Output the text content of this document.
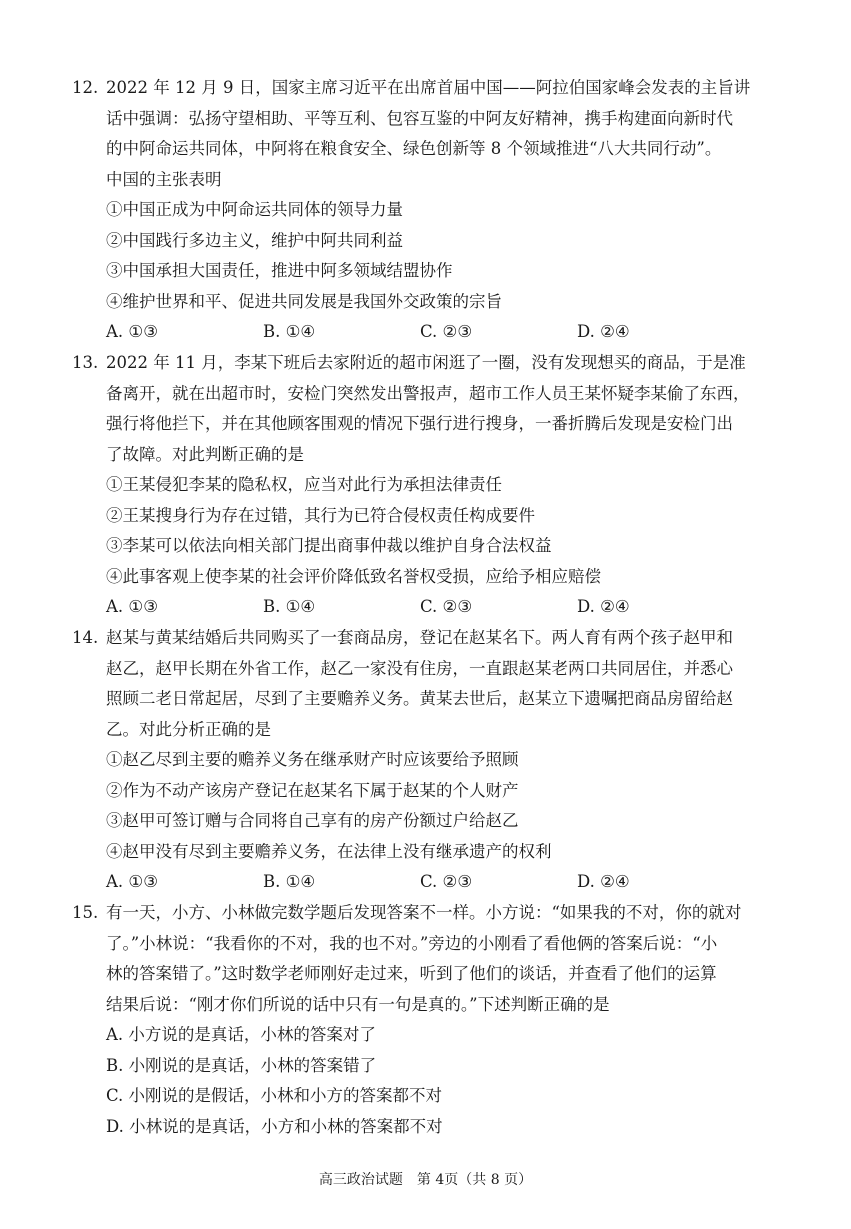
12. 2022 年 12 月 9 日，国家主席习近平在出席首届中国——阿拉伯国家峰会发表的主旨讲
话中强调：弘扬守望相助、平等互利、包容互鉴的中阿友好精神，携手构建面向新时代
的中阿命运共同体，中阿将在粮食安全、绿色创新等 8 个领域推进“八大共同行动”。
中国的主张表明
①中国正成为中阿命运共同体的领导力量
②中国践行多边主义，维护中阿共同利益
③中国承担大国责任，推进中阿多领域结盟协作
④维护世界和平、促进共同发展是我国外交政策的宗旨
A. ①③	B. ①④	C. ②③	D. ②④
13. 2022 年 11 月，李某下班后去家附近的超市闲逛了一圈，没有发现想买的商品，于是准
备离开，就在出超市时，安检门突然发出警报声，超市工作人员王某怀疑李某偷了东西，
强行将他拦下，并在其他顾客围观的情况下强行进行搜身，一番折腾后发现是安检门出
了故障。对此判断正确的是
①王某侵犯李某的隐私权，应当对此行为承担法律责任
②王某搜身行为存在过错，其行为已符合侵权责任构成要件
③李某可以依法向相关部门提出商事仲裁以维护自身合法权益
④此事客观上使李某的社会评价降低致名誉权受损，应给予相应赔偿
A. ①③	B. ①④	C. ②③	D. ②④
14. 赵某与黄某结婚后共同购买了一套商品房，登记在赵某名下。两人育有两个孩子赵甲和
赵乙，赵甲长期在外省工作，赵乙一家没有住房，一直跟赵某老两口共同居住，并悉心
照顾二老日常起居，尽到了主要赡养义务。黄某去世后，赵某立下遗嘱把商品房留给赵
乙。对此分析正确的是
①赵乙尽到主要的赡养义务在继承财产时应该要给予照顾
②作为不动产该房产登记在赵某名下属于赵某的个人财产
③赵甲可签订赠与合同将自己享有的房产份额过户给赵乙
④赵甲没有尽到主要赡养义务，在法律上没有继承遗产的权利
A. ①③	B. ①④	C. ②③	D. ②④
15. 有一天，小方、小林做完数学题后发现答案不一样。小方说：“如果我的不对，你的就对
了。”小林说：“我看你的不对，我的也不对。”旁边的小刚看了看他俩的答案后说：“小
林的答案错了。”这时数学老师刚好走过来，听到了他们的谈话，并查看了他们的运算
结果后说：“刚才你们所说的话中只有一句是真的。”下述判断正确的是
A. 小方说的是真话，小林的答案对了
B. 小刚说的是真话，小林的答案错了
C. 小刚说的是假话，小林和小方的答案都不对
D. 小林说的是真话，小方和小林的答案都不对
高三政治试题　第 4页（共 8 页）
